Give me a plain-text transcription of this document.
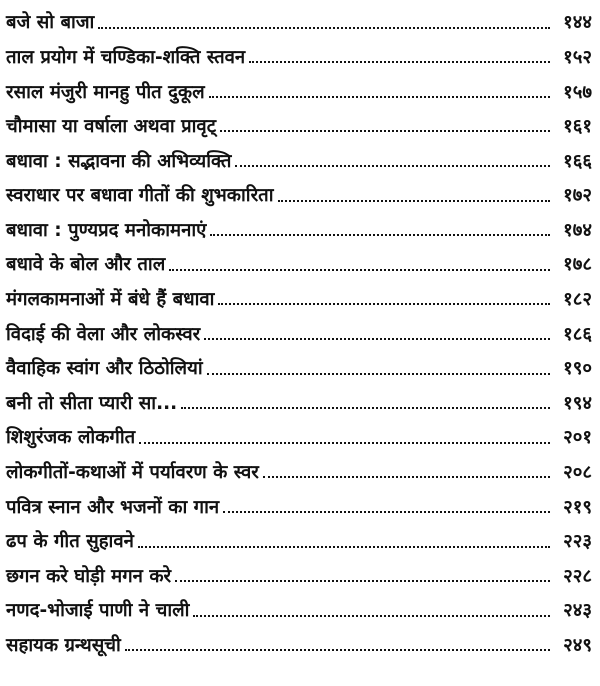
बजे सो बाजा	१४४
ताल प्रयोग में चण्डिका-शक्ति स्तवन	१५२
रसाल मंजुरी मानहु पीत दुकूल	१५७
चौमासा या वर्षाला अथवा प्रावृट्	१६१
बधावा : सद्भावना की अभिव्यक्ति	१६६
स्वराधार पर बधावा गीतों की शुभकारिता	१७२
बधावा : पुण्यप्रद मनोकामनाएं	१७४
बधावे के बोल और ताल	१७८
मंगलकामनाओं में बंधे हैं बधावा	१८२
विदाई की वेला और लोकस्वर	१८६
वैवाहिक स्वांग और ठिठोलियां	१९०
बनी तो सीता प्यारी सा...	१९४
शिशुरंजक लोकगीत	२०१
लोकगीतों-कथाओं में पर्यावरण के स्वर	२०८
पवित्र स्नान और भजनों का गान	२१९
ढप के गीत सुहावने	२२३
छगन करे घोड़ी मगन करे	२२८
नणद-भोजाई पाणी ने चाली	२४३
सहायक ग्रन्थसूची	२४९
